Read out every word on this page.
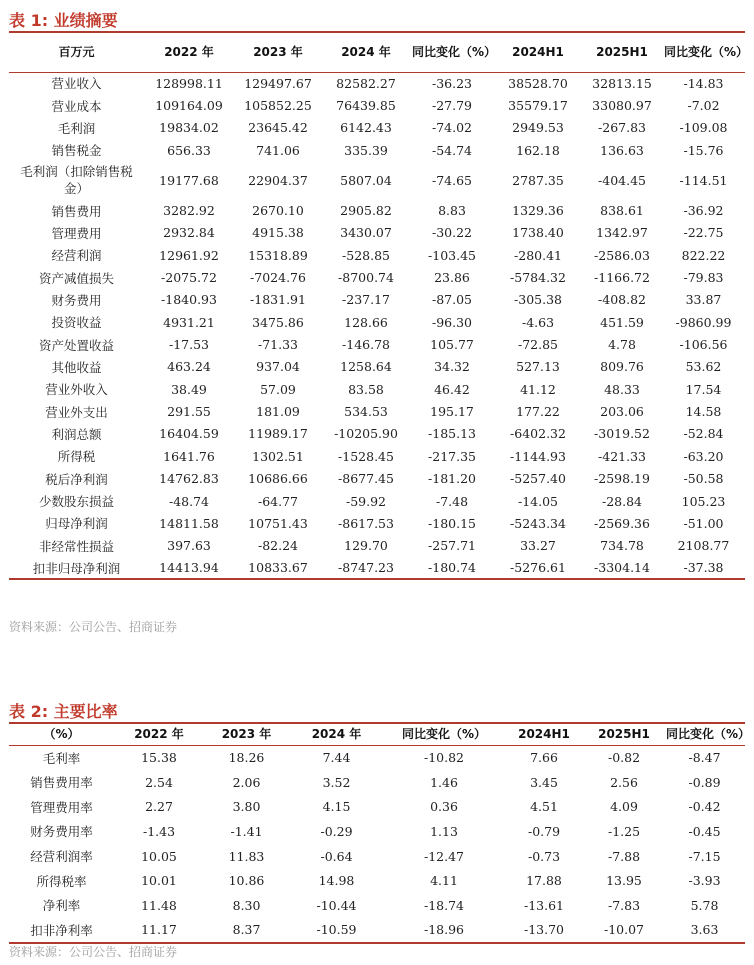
表 1: 业绩摘要
百万元	2022 年	2023 年	2024 年	同比变化（%）	2024H1	2025H1	同比变化（%）
营业收入	128998.11	129497.67	82582.27	-36.23	38528.70	32813.15	-14.83
营业成本	109164.09	105852.25	76439.85	-27.79	35579.17	33080.97	-7.02
毛利润	19834.02	23645.42	6142.43	-74.02	2949.53	-267.83	-109.08
销售税金	656.33	741.06	335.39	-54.74	162.18	136.63	-15.76
毛利润（扣除销售税金）	19177.68	22904.37	5807.04	-74.65	2787.35	-404.45	-114.51
销售费用	3282.92	2670.10	2905.82	8.83	1329.36	838.61	-36.92
管理费用	2932.84	4915.38	3430.07	-30.22	1738.40	1342.97	-22.75
经营利润	12961.92	15318.89	-528.85	-103.45	-280.41	-2586.03	822.22
资产减值损失	-2075.72	-7024.76	-8700.74	23.86	-5784.32	-1166.72	-79.83
财务费用	-1840.93	-1831.91	-237.17	-87.05	-305.38	-408.82	33.87
投资收益	4931.21	3475.86	128.66	-96.30	-4.63	451.59	-9860.99
资产处置收益	-17.53	-71.33	-146.78	105.77	-72.85	4.78	-106.56
其他收益	463.24	937.04	1258.64	34.32	527.13	809.76	53.62
营业外收入	38.49	57.09	83.58	46.42	41.12	48.33	17.54
营业外支出	291.55	181.09	534.53	195.17	177.22	203.06	14.58
利润总额	16404.59	11989.17	-10205.90	-185.13	-6402.32	-3019.52	-52.84
所得税	1641.76	1302.51	-1528.45	-217.35	-1144.93	-421.33	-63.20
税后净利润	14762.83	10686.66	-8677.45	-181.20	-5257.40	-2598.19	-50.58
少数股东损益	-48.74	-64.77	-59.92	-7.48	-14.05	-28.84	105.23
归母净利润	14811.58	10751.43	-8617.53	-180.15	-5243.34	-2569.36	-51.00
非经常性损益	397.63	-82.24	129.70	-257.71	33.27	734.78	2108.77
扣非归母净利润	14413.94	10833.67	-8747.23	-180.74	-5276.61	-3304.14	-37.38
资料来源：公司公告、招商证券
表 2: 主要比率
（%）	2022 年	2023 年	2024 年	同比变化（%）	2024H1	2025H1	同比变化（%）
毛利率	15.38	18.26	7.44	-10.82	7.66	-0.82	-8.47
销售费用率	2.54	2.06	3.52	1.46	3.45	2.56	-0.89
管理费用率	2.27	3.80	4.15	0.36	4.51	4.09	-0.42
财务费用率	-1.43	-1.41	-0.29	1.13	-0.79	-1.25	-0.45
经营利润率	10.05	11.83	-0.64	-12.47	-0.73	-7.88	-7.15
所得税率	10.01	10.86	14.98	4.11	17.88	13.95	-3.93
净利率	11.48	8.30	-10.44	-18.74	-13.61	-7.83	5.78
扣非净利率	11.17	8.37	-10.59	-18.96	-13.70	-10.07	3.63
资料来源：公司公告、招商证券
